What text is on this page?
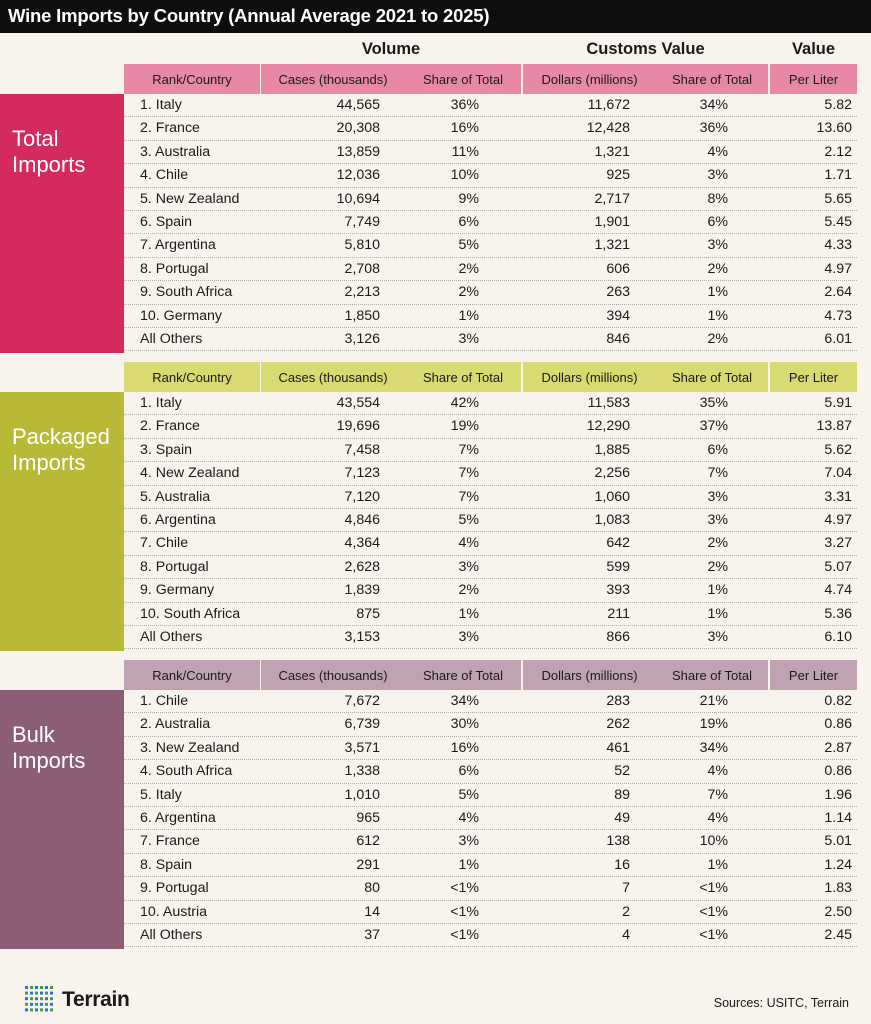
Wine Imports by Country (Annual Average 2021 to 2025)
Volume	Customs Value	Value
Rank/Country	Cases (thousands)	Share of Total	Dollars (millions)	Share of Total	Per Liter
Total
Imports
1. Italy	44,565	36%	11,672	34%	5.82
2. France	20,308	16%	12,428	36%	13.60
3. Australia	13,859	11%	1,321	4%	2.12
4. Chile	12,036	10%	925	3%	1.71
5. New Zealand	10,694	9%	2,717	8%	5.65
6. Spain	7,749	6%	1,901	6%	5.45
7. Argentina	5,810	5%	1,321	3%	4.33
8. Portugal	2,708	2%	606	2%	4.97
9. South Africa	2,213	2%	263	1%	2.64
10. Germany	1,850	1%	394	1%	4.73
All Others	3,126	3%	846	2%	6.01
Rank/Country	Cases (thousands)	Share of Total	Dollars (millions)	Share of Total	Per Liter
Packaged
Imports
1. Italy	43,554	42%	11,583	35%	5.91
2. France	19,696	19%	12,290	37%	13.87
3. Spain	7,458	7%	1,885	6%	5.62
4. New Zealand	7,123	7%	2,256	7%	7.04
5. Australia	7,120	7%	1,060	3%	3.31
6. Argentina	4,846	5%	1,083	3%	4.97
7. Chile	4,364	4%	642	2%	3.27
8. Portugal	2,628	3%	599	2%	5.07
9. Germany	1,839	2%	393	1%	4.74
10. South Africa	875	1%	211	1%	5.36
All Others	3,153	3%	866	3%	6.10
Rank/Country	Cases (thousands)	Share of Total	Dollars (millions)	Share of Total	Per Liter
Bulk
Imports
1. Chile	7,672	34%	283	21%	0.82
2. Australia	6,739	30%	262	19%	0.86
3. New Zealand	3,571	16%	461	34%	2.87
4. South Africa	1,338	6%	52	4%	0.86
5. Italy	1,010	5%	89	7%	1.96
6. Argentina	965	4%	49	4%	1.14
7. France	612	3%	138	10%	5.01
8. Spain	291	1%	16	1%	1.24
9. Portugal	80	<1%	7	<1%	1.83
10. Austria	14	<1%	2	<1%	2.50
All Others	37	<1%	4	<1%	2.45
Terrain	Sources: USITC, Terrain
